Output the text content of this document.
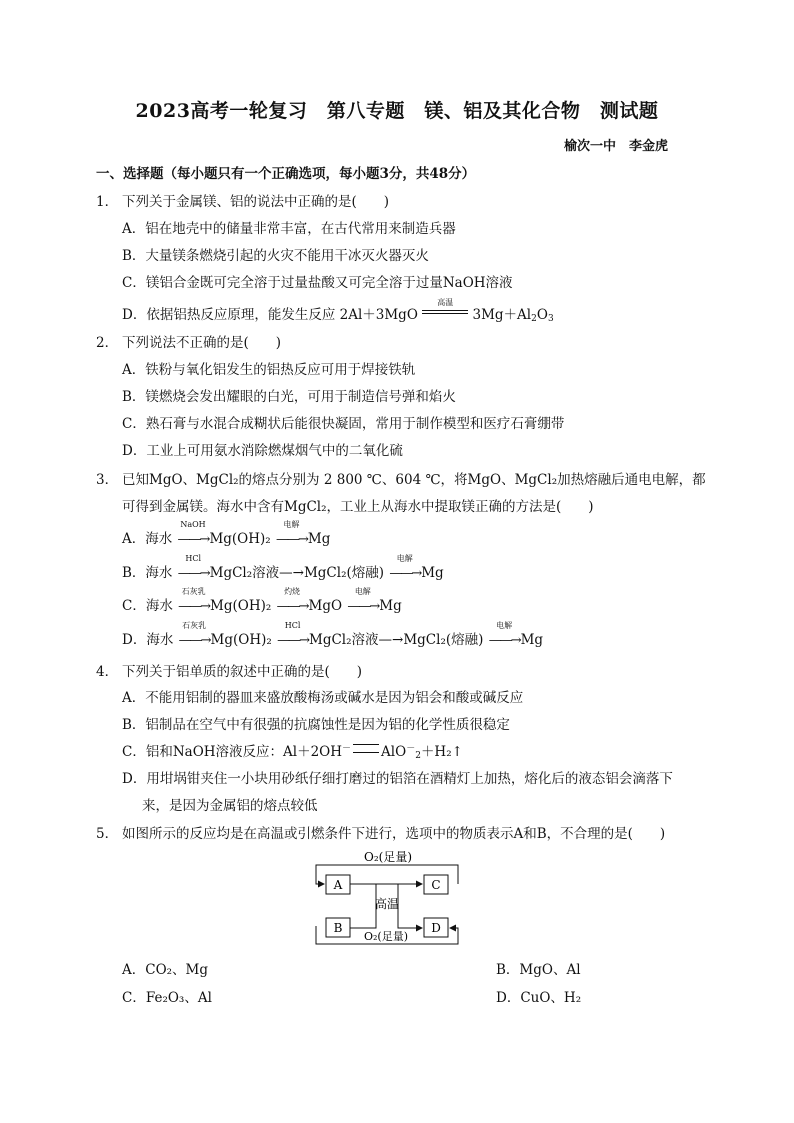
2023高考一轮复习　第八专题　镁、铝及其化合物　测试题
榆次一中　李金虎
一、选择题（每小题只有一个正确选项，每小题3分，共48分）
1． 下列关于金属镁、铝的说法中正确的是(　　)
A．铝在地壳中的储量非常丰富，在古代常用来制造兵器
B．大量镁条燃烧引起的火灾不能用干冰灭火器灭火
C．镁铝合金既可完全溶于过量盐酸又可完全溶于过量NaOH溶液
D．依据铝热反应原理，能发生反应 2Al＋3MgO
高温
$3Mg+Al_2O_3$
2． 下列说法不正确的是(　　)
A．铁粉与氧化铝发生的铝热反应可用于焊接铁轨
B．镁燃烧会发出耀眼的白光，可用于制造信号弹和焰火
C．熟石膏与水混合成糊状后能很快凝固，常用于制作模型和医疗石膏绷带
D．工业上可用氨水消除燃煤烟气中的二氧化硫
3． 已知MgO、MgCl₂的熔点分别为 2 800 ℃、604 ℃，将MgO、MgCl₂加热熔融后通电电解，都
可得到金属镁。海水中含有MgCl₂，工业上从海水中提取镁正确的方法是(　　)
A．海水
NaOH
——→Mg(OH)₂
电解
——→Mg
B．海水
HCl
——→MgCl₂溶液—→MgCl₂(熔融)
电解
——→Mg
C．海水
石灰乳
——→Mg(OH)₂
灼烧
——→MgO
电解
——→Mg
D．海水
石灰乳
——→Mg(OH)₂
HCl
——→MgCl₂溶液—→MgCl₂(熔融)
电解
——→Mg
4． 下列关于铝单质的叙述中正确的是(　　)
A．不能用铝制的器皿来盛放酸梅汤或碱水是因为铝会和酸或碱反应
B．铝制品在空气中有很强的抗腐蚀性是因为铝的化学性质很稳定
C．铝和NaOH溶液反应：Al＋2OH－ AlO－$_2$＋H₂↑
D．用坩埚钳夹住一小块用砂纸仔细打磨过的铝箔在酒精灯上加热，熔化后的液态铝会滴落下
来，是因为金属铝的熔点较低
5． 如图所示的反应均是在高温或引燃条件下进行，选项中的物质表示A和B，不合理的是(　　)
O₂(足量)
A	C
B	D
高温
O₂(足量)
A．CO₂、Mg	B．MgO、Al
C．Fe₂O₃、Al	D．CuO、H₂
